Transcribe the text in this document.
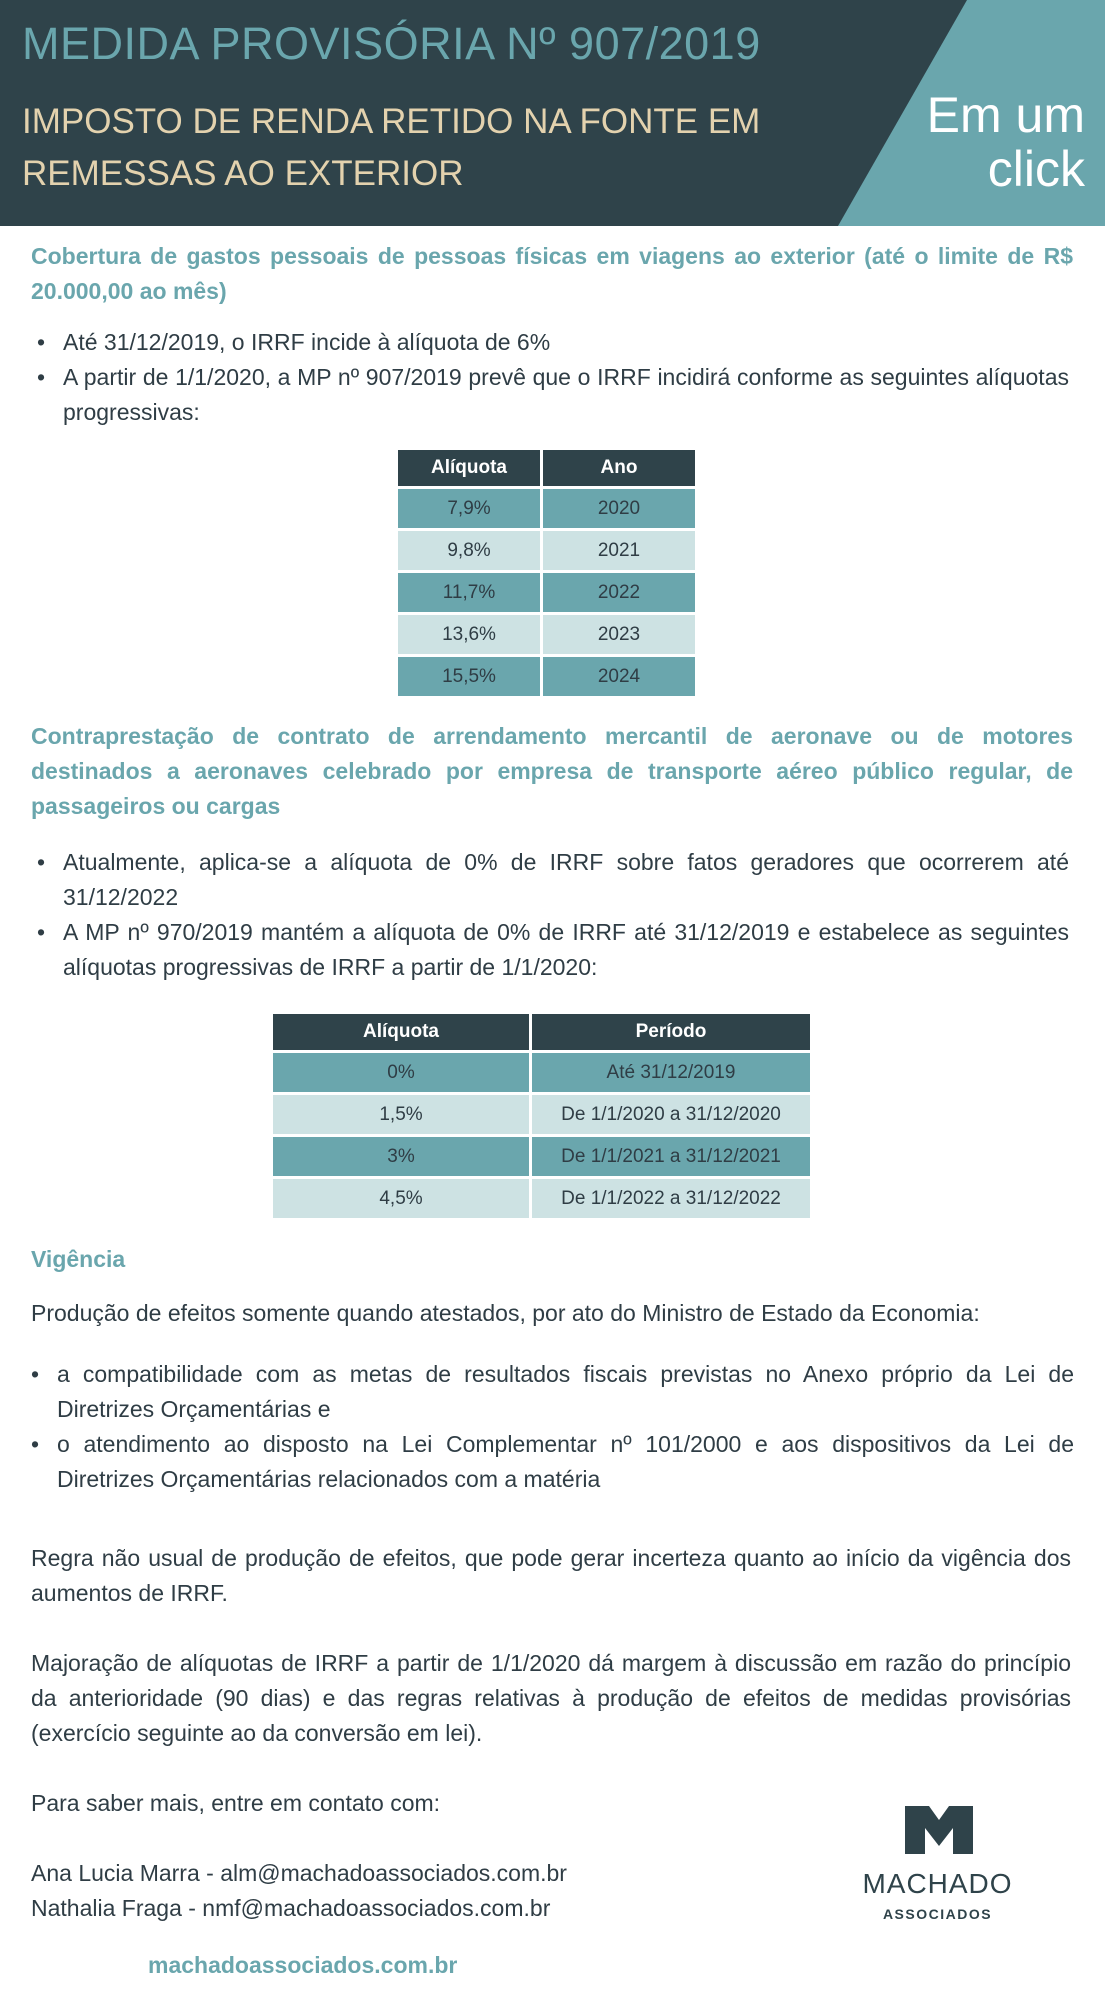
MEDIDA PROVISÓRIA Nº 907/2019
IMPOSTO DE RENDA RETIDO NA FONTE EM
REMESSAS AO EXTERIOR
Em um
click
Cobertura de gastos pessoais de pessoas físicas em viagens ao exterior (até o limite de R$ 20.000,00 ao mês)
• Até 31/12/2019, o IRRF incide à alíquota de 6%
• A partir de 1/1/2020, a MP nº 907/2019 prevê que o IRRF incidirá conforme as seguintes alíquotas progressivas:
Alíquota	Ano
7,9%	2020
9,8%	2021
11,7%	2022
13,6%	2023
15,5%	2024
Contraprestação de contrato de arrendamento mercantil de aeronave ou de motores destinados a aeronaves celebrado por empresa de transporte aéreo público regular, de passageiros ou cargas
• Atualmente, aplica-se a alíquota de 0% de IRRF sobre fatos geradores que ocorrerem até 31/12/2022
• A MP nº 970/2019 mantém a alíquota de 0% de IRRF até 31/12/2019 e estabelece as seguintes alíquotas progressivas de IRRF a partir de 1/1/2020:
Alíquota	Período
0%	Até 31/12/2019
1,5%	De 1/1/2020 a 31/12/2020
3%	De 1/1/2021 a 31/12/2021
4,5%	De 1/1/2022 a 31/12/2022
Vigência

Produção de efeitos somente quando atestados, por ato do Ministro de Estado da Economia:

• a compatibilidade com as metas de resultados fiscais previstas no Anexo próprio da Lei de Diretrizes Orçamentárias e
• o atendimento ao disposto na Lei Complementar nº 101/2000 e aos dispositivos da Lei de Diretrizes Orçamentárias relacionados com a matéria

Regra não usual de produção de efeitos, que pode gerar incerteza quanto ao início da vigência dos aumentos de IRRF.

Majoração de alíquotas de IRRF a partir de 1/1/2020 dá margem à discussão em razão do princípio da anterioridade (90 dias) e das regras relativas à produção de efeitos de medidas provisórias (exercício seguinte ao da conversão em lei).

Para saber mais, entre em contato com:

Ana Lucia Marra - alm@machadoassociados.com.br

Nathalia Fraga - nmf@machadoassociados.com.br

machadoassociados.com.br

MACHADO
ASSOCIADOS
